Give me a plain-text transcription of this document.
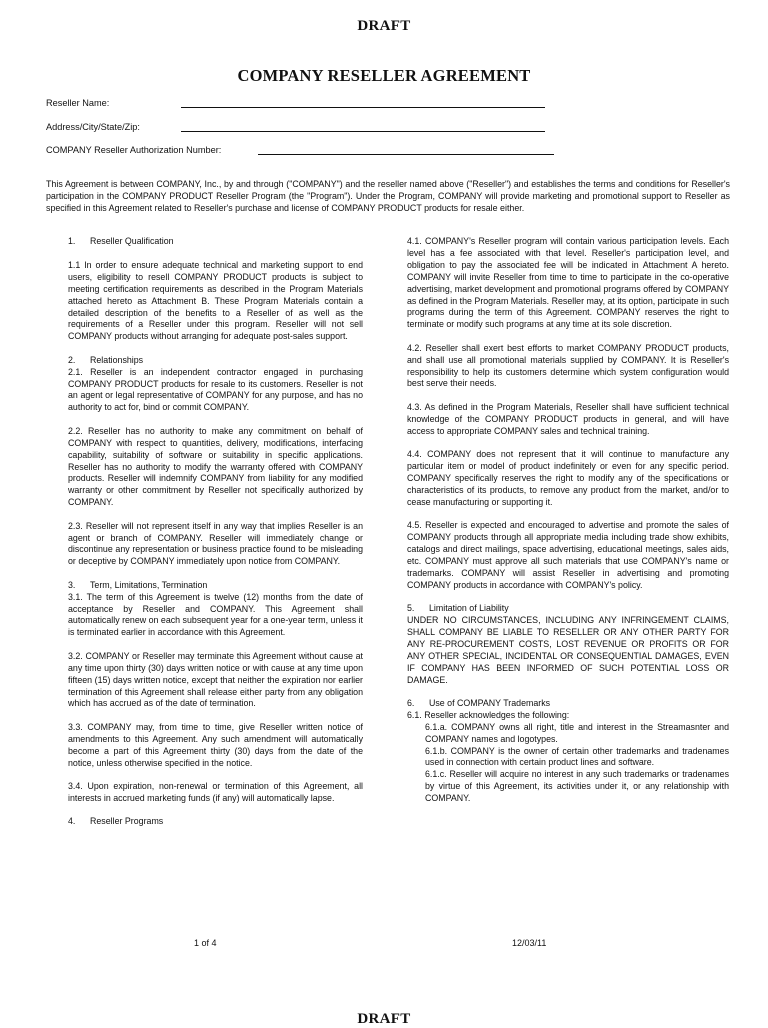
DRAFT
COMPANY RESELLER AGREEMENT
Reseller Name:
Address/City/State/Zip:
COMPANY Reseller Authorization Number:
This Agreement is between COMPANY, Inc., by and through ("COMPANY") and the reseller named above ("Reseller") and establishes the terms and conditions for Reseller's participation in the COMPANY PRODUCT Reseller Program (the "Program"). Under the Program, COMPANY will provide marketing and promotional support to Reseller as specified in this Agreement related to Reseller's purchase and license of COMPANY PRODUCT products for resale either.

1. Reseller Qualification

1.1 In order to ensure adequate technical and marketing support to end users, eligibility to resell COMPANY PRODUCT products is subject to meeting certification requirements as described in the Program Materials attached hereto as Attachment B. These Program Materials contain a detailed description of the benefits to a Reseller of as well as the requirements of a Reseller under this program. Reseller will not sell COMPANY products without arranging for adequate post-sales support.

2. Relationships

2.1. Reseller is an independent contractor engaged in purchasing COMPANY PRODUCT products for resale to its customers. Reseller is not an agent or legal representative of COMPANY for any purpose, and has no authority to act for, bind or commit COMPANY.

2.2. Reseller has no authority to make any commitment on behalf of COMPANY with respect to quantities, delivery, modifications, interfacing capability, suitability of software or suitability in specific applications. Reseller has no authority to modify the warranty offered with COMPANY products. Reseller will indemnify COMPANY from liability for any modified warranty or other commitment by Reseller not specifically authorized by COMPANY.

2.3. Reseller will not represent itself in any way that implies Reseller is an agent or branch of COMPANY. Reseller will immediately change or discontinue any representation or business practice found to be misleading or deceptive by COMPANY immediately upon notice from COMPANY.

3. Term, Limitations, Termination

3.1. The term of this Agreement is twelve (12) months from the date of acceptance by Reseller and COMPANY. This Agreement shall automatically renew on each subsequent year for a one-year term, unless it is terminated earlier in accordance with this Agreement.

3.2. COMPANY or Reseller may terminate this Agreement without cause at any time upon thirty (30) days written notice or with cause at any time upon fifteen (15) days written notice, except that neither the expiration nor earlier termination of this Agreement shall release either party from any obligation which has accrued as of the date of termination.

3.3. COMPANY may, from time to time, give Reseller written notice of amendments to this Agreement. Any such amendment will automatically become a part of this Agreement thirty (30) days from the date of the notice, unless otherwise specified in the notice.

3.4. Upon expiration, non-renewal or termination of this Agreement, all interests in accrued marketing funds (if any) will automatically lapse.

4. Reseller Programs

4.1. COMPANY's Reseller program will contain various participation levels. Each level has a fee associated with that level. Reseller's participation level, and obligation to pay the associated fee will be indicated in Attachment A hereto. COMPANY will invite Reseller from time to time to participate in the co-operative advertising, market development and promotional programs offered by COMPANY as defined in the Program Materials. Reseller may, at its option, participate in such programs during the term of this Agreement. COMPANY reserves the right to terminate or modify such programs at any time at its sole discretion.

4.2. Reseller shall exert best efforts to market COMPANY PRODUCT products, and shall use all promotional materials supplied by COMPANY. It is Reseller's responsibility to help its customers determine which system configuration would best serve their needs.

4.3. As defined in the Program Materials, Reseller shall have sufficient technical knowledge of the COMPANY PRODUCT products in general, and will have access to appropriate COMPANY sales and technical training.

4.4. COMPANY does not represent that it will continue to manufacture any particular item or model of product indefinitely or even for any specific period. COMPANY specifically reserves the right to modify any of the specifications or characteristics of its products, to remove any product from the market, and/or to cease manufacturing or supporting it.

4.5. Reseller is expected and encouraged to advertise and promote the sales of COMPANY products through all appropriate media including trade show exhibits, catalogs and direct mailings, space advertising, educational meetings, sales aids, etc. COMPANY must approve all such materials that use COMPANY's name or trademarks. COMPANY will assist Reseller in advertising and promoting COMPANY products in accordance with COMPANY's policy.

5. Limitation of Liability

UNDER NO CIRCUMSTANCES, INCLUDING ANY INFRINGEMENT CLAIMS, SHALL COMPANY BE LIABLE TO RESELLER OR ANY OTHER PARTY FOR ANY RE-PROCUREMENT COSTS, LOST REVENUE OR PROFITS OR FOR ANY OTHER SPECIAL, INCIDENTAL OR CONSEQUENTIAL DAMAGES, EVEN IF COMPANY HAS BEEN INFORMED OF SUCH POTENTIAL LOSS OR DAMAGE.

6. Use of COMPANY Trademarks

6.1. Reseller acknowledges the following:

6.1.a. COMPANY owns all right, title and interest in the Streamasnter and COMPANY names and logotypes.

6.1.b. COMPANY is the owner of certain other trademarks and tradenames used in connection with certain product lines and software.

6.1.c. Reseller will acquire no interest in any such trademarks or tradenames by virtue of this Agreement, its activities under it, or any relationship with COMPANY.

1 of 4	12/03/11
DRAFT
